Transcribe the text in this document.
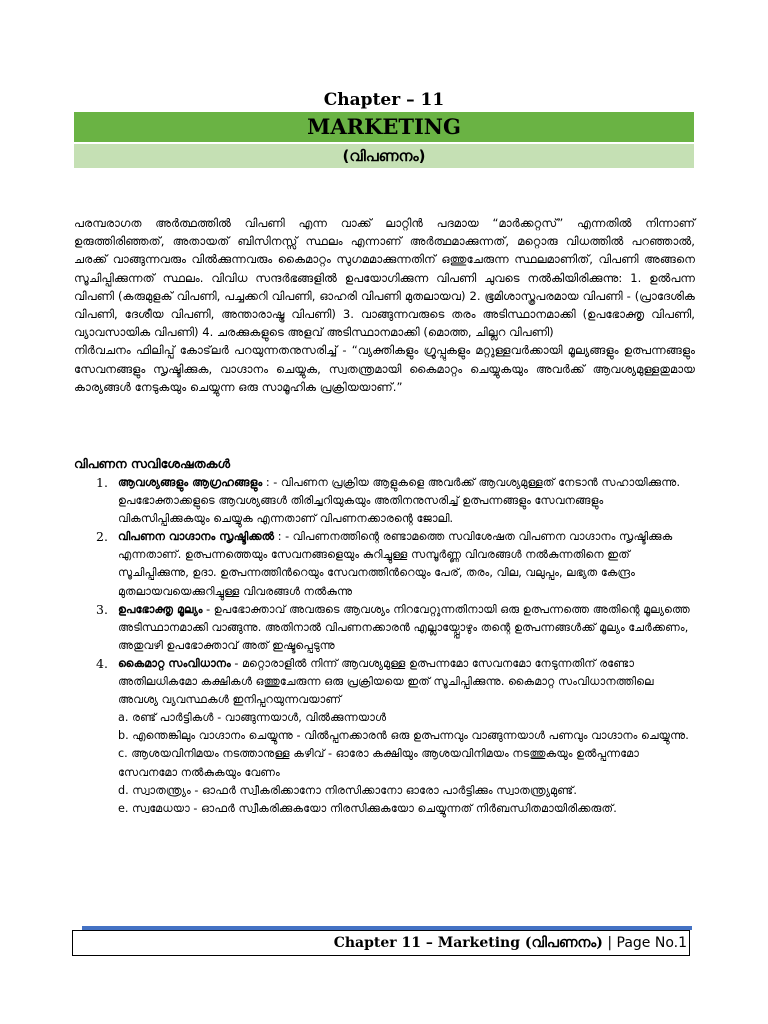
Chapter – 11
MARKETING
(വിപണനം)

പരമ്പരാഗത അർത്ഥത്തിൽ വിപണി എന്ന വാക്ക് ലാറ്റിൻ പദമായ “മാർക്കറ്റസ്” എന്നതിൽ നിന്നാണ് ഉരുത്തിരിഞ്ഞത്, അതായത് ബിസിനസ്സ് സ്ഥലം എന്നാണ് അർത്ഥമാക്കുന്നത്, മറ്റൊരു വിധത്തിൽ പറഞ്ഞാൽ, ചരക്ക് വാങ്ങുന്നവരും വിൽക്കുന്നവരും കൈമാറ്റം സുഗമമാക്കുന്നതിന് ഒത്തുചേരുന്ന സ്ഥലമാണിത്, വിപണി അങ്ങനെ സൂചിപ്പിക്കുന്നത് സ്ഥലം. വിവിധ സന്ദർഭങ്ങളിൽ ഉപയോഗിക്കുന്ന വിപണി ചുവടെ നൽകിയിരിക്കുന്നു: 1. ഉൽപന്ന വിപണി (കരുമുളക് വിപണി, പച്ചക്കറി വിപണി, ഓഹരി വിപണി മുതലായവ) 2. ഭൂമിശാസ്ത്രപരമായ വിപണി - (പ്രാദേശിക വിപണി, ദേശീയ വിപണി, അന്താരാഷ്ട്ര വിപണി) 3. വാങ്ങുന്നവരുടെ തരം അടിസ്ഥാനമാക്കി (ഉപഭോക്തൃ വിപണി, വ്യാവസായിക വിപണി) 4. ചരക്കുകളുടെ അളവ് അടിസ്ഥാനമാക്കി (മൊത്ത, ചില്ലറ വിപണി)

നിർവചനം ഫിലിപ്പ് കോട്‌ലർ പറയുന്നതനുസരിച്ച് - “വ്യക്തികളും ഗ്രൂപ്പുകളും മറ്റുള്ളവർക്കായി മൂല്യങ്ങളും ഉത്പന്നങ്ങളും സേവനങ്ങളും സൃഷ്ടിക്കുക, വാഗ്ദാനം ചെയ്യുക, സ്വതന്ത്രമായി കൈമാറ്റം ചെയ്യുകയും അവർക്ക് ആവശ്യമുള്ളതുമായ കാര്യങ്ങൾ നേടുകയും ചെയ്യുന്ന ഒരു സാമൂഹിക പ്രക്രിയയാണ്.”

വിപണന സവിശേഷതകൾ
1. ആവശ്യങ്ങളും ആഗ്രഹങ്ങളും : - വിപണന പ്രക്രിയ ആളുകളെ അവർക്ക് ആവശ്യമുള്ളത് നേടാൻ സഹായിക്കുന്നു. ഉപഭോക്താക്കളുടെ ആവശ്യങ്ങൾ തിരിച്ചറിയുകയും അതിനനുസരിച്ച് ഉത്പന്നങ്ങളും സേവനങ്ങളും വികസിപ്പിക്കുകയും ചെയ്യുക എന്നതാണ് വിപണനക്കാരന്റെ ജോലി.
2. വിപണന വാഗ്ദാനം സൃഷ്ടിക്കൽ : - വിപണനത്തിന്റെ രണ്ടാമത്തെ സവിശേഷത വിപണന വാഗ്ദാനം സൃഷ്ടിക്കുക എന്നതാണ്. ഉത്പന്നത്തെയും സേവനങ്ങളെയും കുറിച്ചുള്ള സമ്പൂർണ്ണ വിവരങ്ങൾ നൽകുന്നതിനെ ഇത് സൂചിപ്പിക്കുന്നു, ഉദാ. ഉത്പന്നത്തിൻറെയും സേവനത്തിൻറെയും പേര്, തരം, വില, വലുപ്പം, ലഭ്യത കേന്ദ്രം മുതലായവയെക്കുറിച്ചുള്ള വിവരങ്ങൾ നൽകുന്നു
3. ഉപഭോക്തൃ മൂല്യം - ഉപഭോക്താവ് അവരുടെ ആവശ്യം നിറവേറ്റുന്നതിനായി ഒരു ഉത്പന്നത്തെ അതിന്റെ മൂല്യത്തെ അടിസ്ഥാനമാക്കി വാങ്ങുന്നു. അതിനാൽ വിപണനക്കാരൻ എല്ലായ്പ്പോഴും തന്റെ ഉത്പന്നങ്ങൾക്ക് മൂല്യം ചേർക്കണം, അതുവഴി ഉപഭോക്താവ് അത് ഇഷ്ടപ്പെടുന്നു
4. കൈമാറ്റ സംവിധാനം - മറ്റൊരാളിൽ നിന്ന് ആവശ്യമുള്ള ഉത്പന്നമോ സേവനമോ നേടുന്നതിന് രണ്ടോ അതിലധികമോ കക്ഷികൾ ഒത്തുചേരുന്ന ഒരു പ്രക്രിയയെ ഇത് സൂചിപ്പിക്കുന്നു. കൈമാറ്റ സംവിധാനത്തിലെ അവശ്യ വ്യവസ്ഥകൾ ഇനിപ്പറയുന്നവയാണ്

a. രണ്ട് പാർട്ടികൾ - വാങ്ങുന്നയാൾ, വിൽക്കുന്നയാൾ

b. എന്തെങ്കിലും വാഗ്ദാനം ചെയ്യുന്നു - വിൽപ്പനക്കാരൻ ഒരു ഉത്പന്നവും വാങ്ങുന്നയാൾ പണവും വാഗ്ദാനം ചെയ്യുന്നു.

c. ആശയവിനിമയം നടത്താനുള്ള കഴിവ് - ഓരോ കക്ഷിയും ആശയവിനിമയം നടത്തുകയും ഉൽപ്പന്നമോ സേവനമോ നൽകുകയും വേണം

d. സ്വാതന്ത്ര്യം - ഓഫർ സ്വീകരിക്കാനോ നിരസിക്കാനോ ഓരോ പാർട്ടിക്കും സ്വാതന്ത്ര്യമുണ്ട്.

e. സ്വമേധയാ - ഓഫർ സ്വീകരിക്കുകയോ നിരസിക്കുകയോ ചെയ്യുന്നത് നിർബന്ധിതമായിരിക്കരുത്.

Chapter 11 – Marketing (വിപണനം) | Page No.1
